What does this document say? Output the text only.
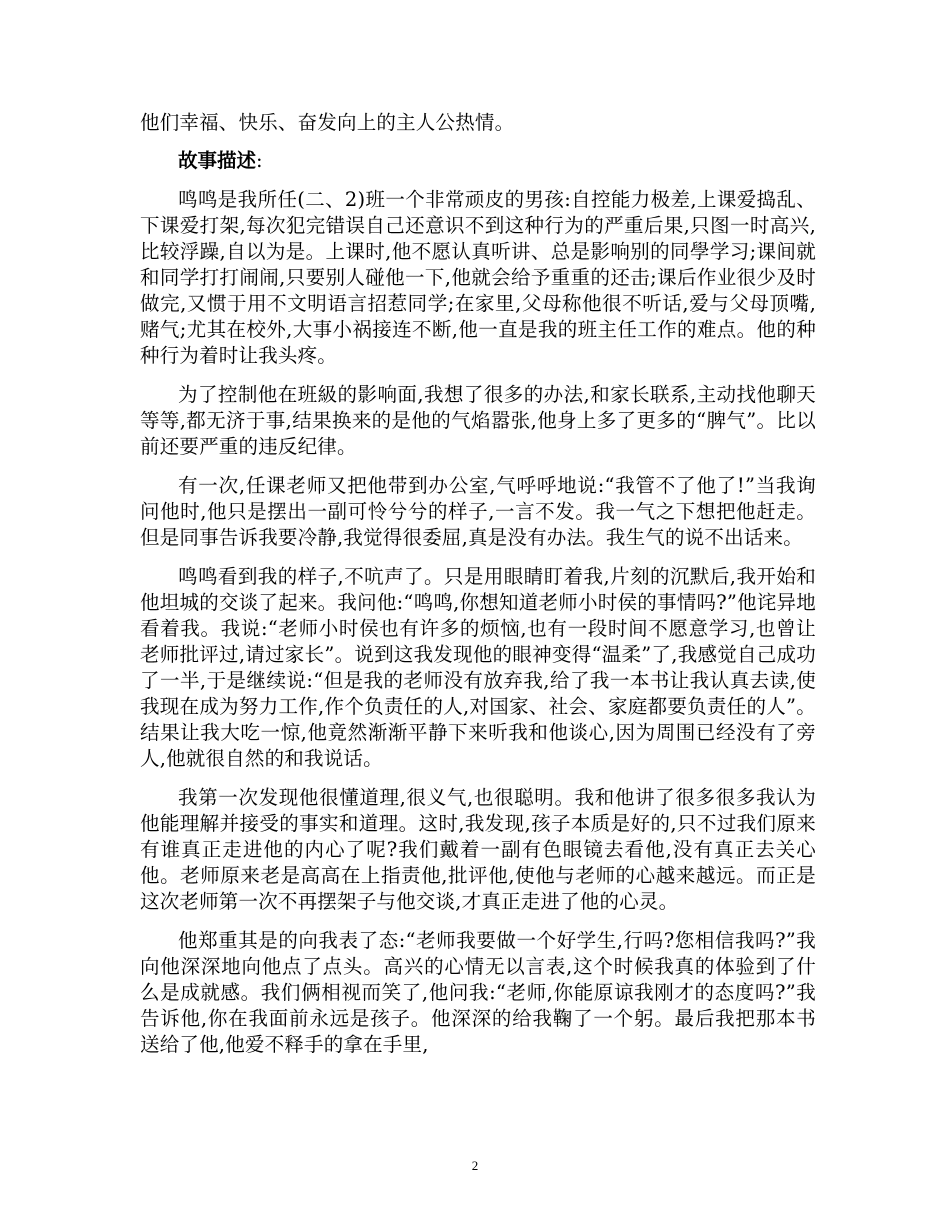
他们幸福、快乐、奋发向上的主人公热情。

故事描述:

鸣鸣是我所任(二、2)班一个非常顽皮的男孩:自控能力极差,上课爱捣乱、下课爱打架,每次犯完错误自己还意识不到这种行为的严重后果,只图一时高兴,比较浮躁,自以为是。上课时,他不愿认真听讲、总是影响别的同學学习;课间就和同学打打闹闹,只要别人碰他一下,他就会给予重重的还击;课后作业很少及时做完,又惯于用不文明语言招惹同学;在家里,父母称他很不听话,爱与父母顶嘴,赌气;尤其在校外,大事小祸接连不断,他一直是我的班主任工作的难点。他的种种行为着时让我头疼。

为了控制他在班級的影响面,我想了很多的办法,和家长联系,主动找他聊天等等,都无济于事,结果换来的是他的气焰嚣张,他身上多了更多的“脾气”。比以前还要严重的违反纪律。

有一次,任课老师又把他带到办公室,气呼呼地说:“我管不了他了!”当我询问他时,他只是摆出一副可怜兮兮的样子,一言不发。我一气之下想把他赶走。但是同事告诉我要冷静,我觉得很委屈,真是没有办法。我生气的说不出话来。

鸣鸣看到我的样子,不吭声了。只是用眼睛盯着我,片刻的沉默后,我开始和他坦城的交谈了起来。我问他:“鸣鸣,你想知道老师小时侯的事情吗?”他诧异地看着我。我说:“老师小时侯也有许多的烦恼,也有一段时间不愿意学习,也曾让老师批评过,请过家长”。说到这我发现他的眼神变得“温柔”了,我感觉自己成功了一半,于是继续说:“但是我的老师没有放弃我,给了我一本书让我认真去读,使我现在成为努力工作,作个负责任的人,对国家、社会、家庭都要负责任的人”。结果让我大吃一惊,他竟然渐渐平静下来听我和他谈心,因为周围已经没有了旁人,他就很自然的和我说话。

我第一次发现他很懂道理,很义气,也很聪明。我和他讲了很多很多我认为他能理解并接受的事实和道理。这时,我发现,孩子本质是好的,只不过我们原来有谁真正走进他的内心了呢?我们戴着一副有色眼镜去看他,没有真正去关心他。老师原来老是高高在上指责他,批评他,使他与老师的心越来越远。而正是这次老师第一次不再摆架子与他交谈,才真正走进了他的心灵。

他郑重其是的向我表了态:“老师我要做一个好学生,行吗?您相信我吗?”我向他深深地向他点了点头。高兴的心情无以言表,这个时候我真的体验到了什么是成就感。我们俩相视而笑了,他问我:“老师,你能原谅我刚才的态度吗?”我告诉他,你在我面前永远是孩子。他深深的给我鞠了一个躬。最后我把那本书送给了他,他爱不释手的拿在手里,

2
